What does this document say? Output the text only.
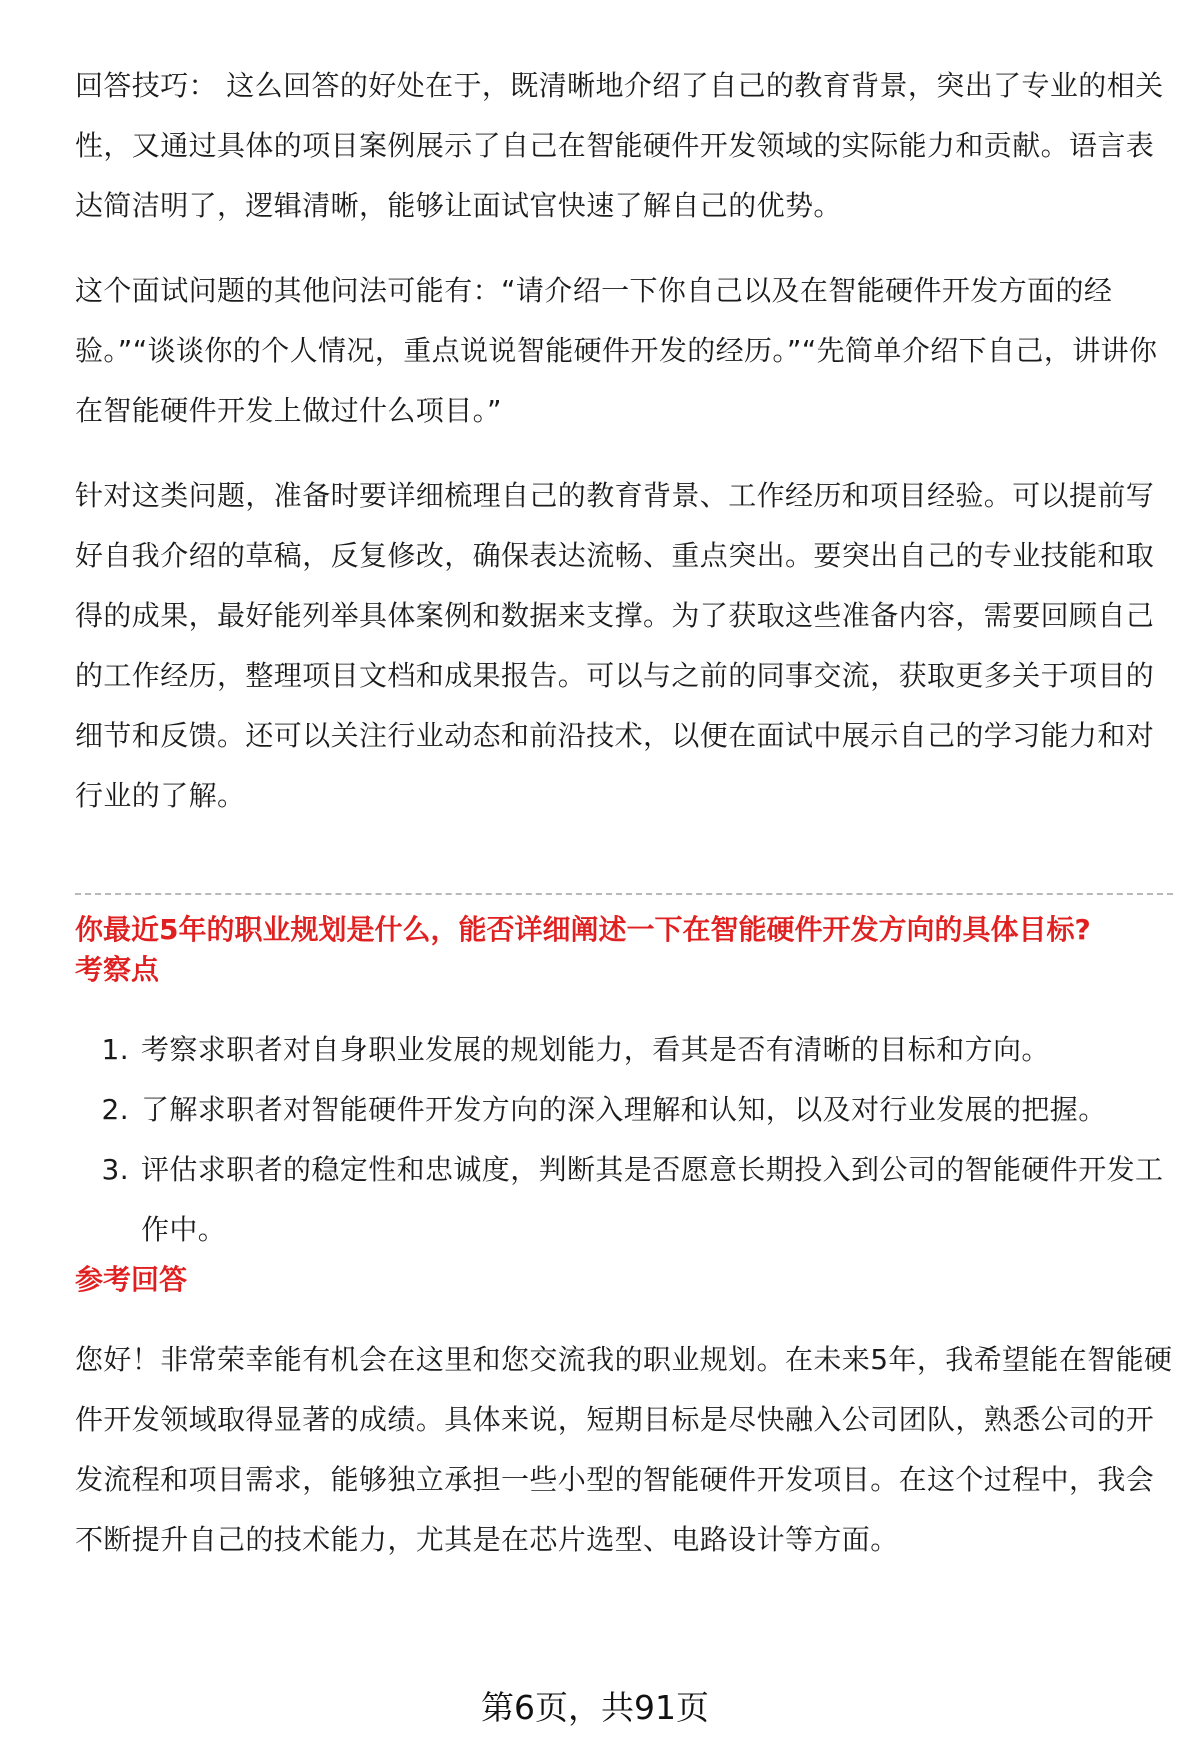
回答技巧： 这么回答的好处在于，既清晰地介绍了自己的教育背景，突出了专业的相关性，又通过具体的项目案例展示了自己在智能硬件开发领域的实际能力和贡献。语言表达简洁明了，逻辑清晰，能够让面试官快速了解自己的优势。

这个面试问题的其他问法可能有：“请介绍一下你自己以及在智能硬件开发方面的经验。”“谈谈你的个人情况，重点说说智能硬件开发的经历。”“先简单介绍下自己，讲讲你在智能硬件开发上做过什么项目。”

针对这类问题，准备时要详细梳理自己的教育背景、工作经历和项目经验。可以提前写好自我介绍的草稿，反复修改，确保表达流畅、重点突出。要突出自己的专业技能和取得的成果，最好能列举具体案例和数据来支撑。为了获取这些准备内容，需要回顾自己的工作经历，整理项目文档和成果报告。可以与之前的同事交流，获取更多关于项目的细节和反馈。还可以关注行业动态和前沿技术，以便在面试中展示自己的学习能力和对行业的了解。

你最近5年的职业规划是什么，能否详细阐述一下在智能硬件开发方向的具体目标?
考察点
1. 考察求职者对自身职业发展的规划能力，看其是否有清晰的目标和方向。
2. 了解求职者对智能硬件开发方向的深入理解和认知，以及对行业发展的把握。
3. 评估求职者的稳定性和忠诚度，判断其是否愿意长期投入到公司的智能硬件开发工作中。
参考回答

您好！非常荣幸能有机会在这里和您交流我的职业规划。在未来5年，我希望能在智能硬件开发领域取得显著的成绩。具体来说，短期目标是尽快融入公司团队，熟悉公司的开发流程和项目需求，能够独立承担一些小型的智能硬件开发项目。在这个过程中，我会不断提升自己的技术能力，尤其是在芯片选型、电路设计等方面。

第6页，共91页
